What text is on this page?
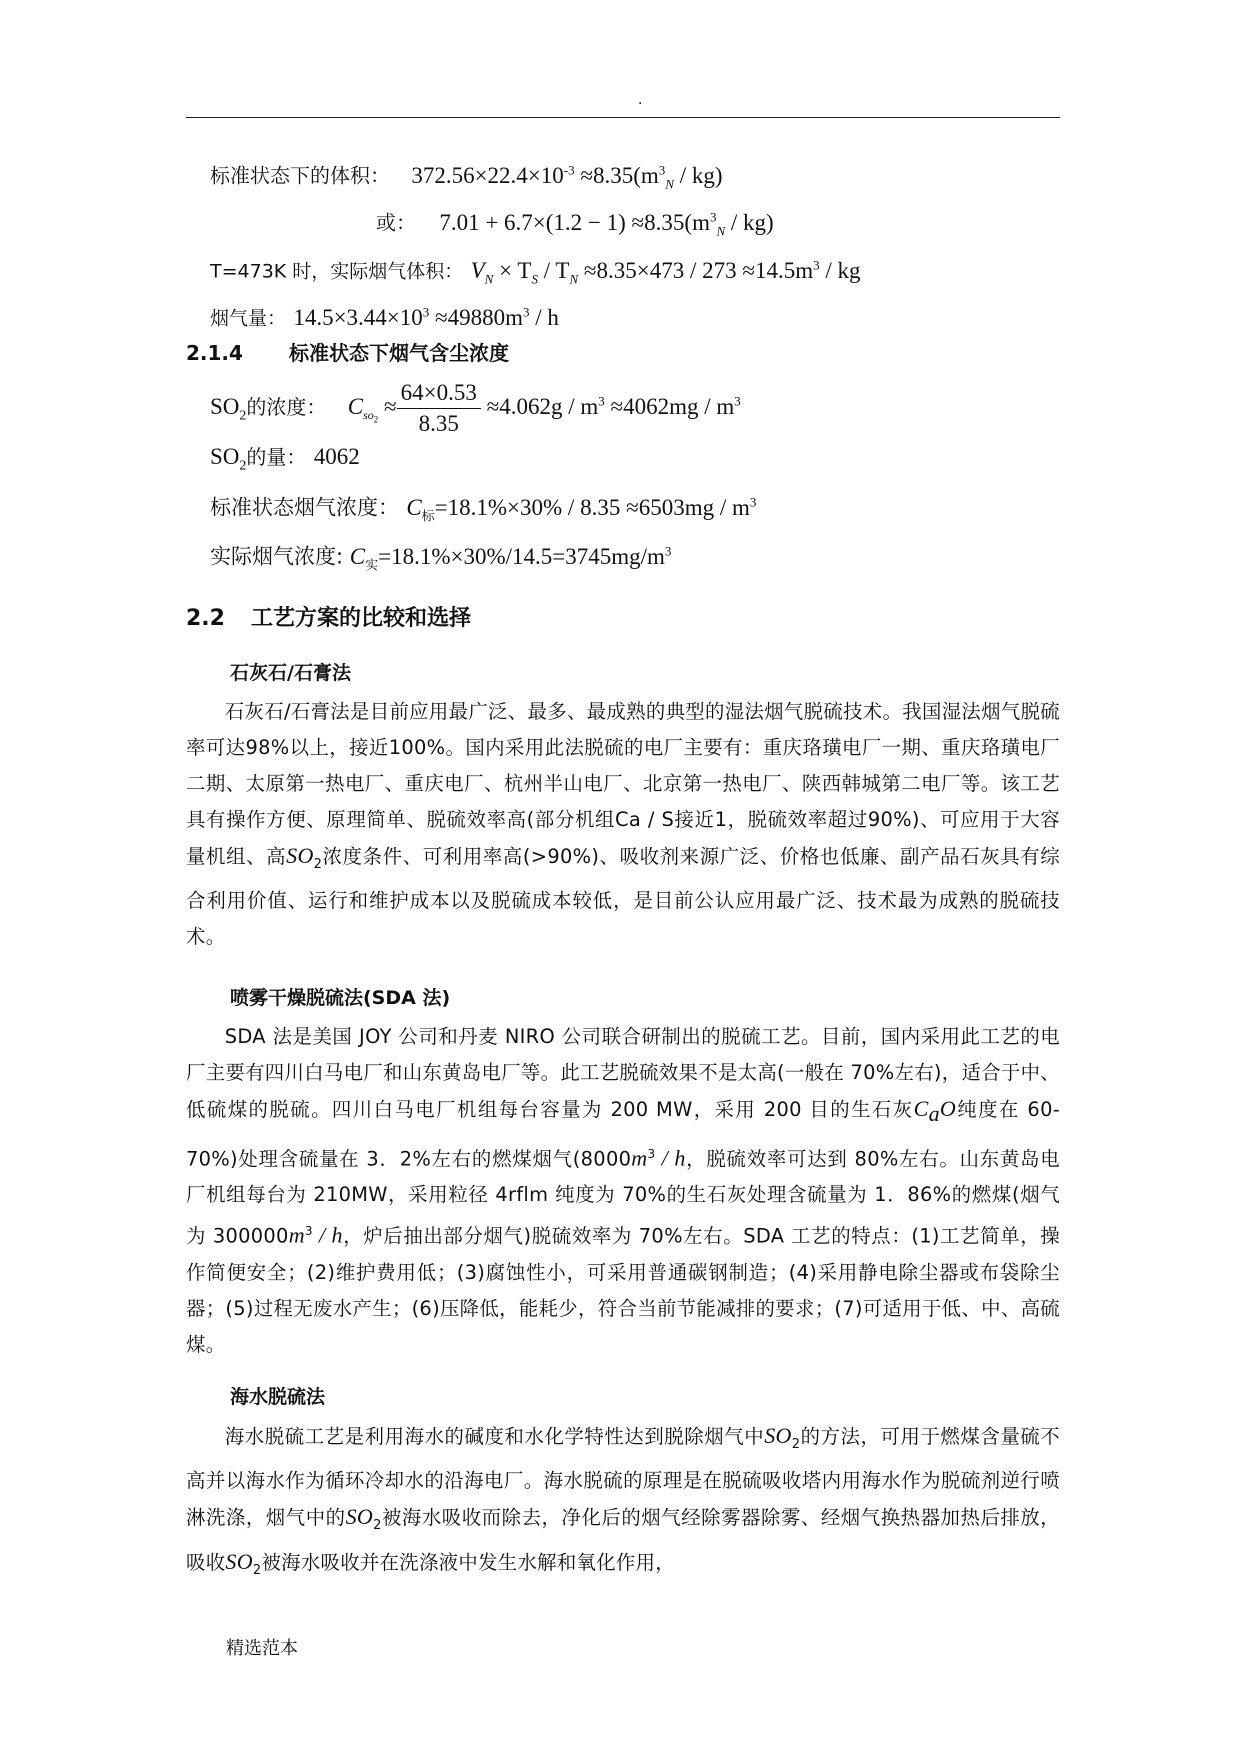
.
标准状态下的体积： $372.56\times 22.4\times 10^{-3} \approx 8.35(m^3_N / kg)$
或： $7.01 + 6.7\times(1.2 - 1) \approx 8.35(m^3_N / kg)$
T=473K 时，实际烟气体积： $V_N \times T_S / T_N \approx 8.35\times 473 / 273 \approx 14.5m^3$ / kg
烟气量： $14.5\times 3.44\times 10^3 \approx 49880m^3 / h$
2.1.4 标准状态下烟气含尘浓度
$SO_2$的浓度： $C_{so_2} \approx \frac{64\times 0.53}{8.35} \approx 4.062g / m^3 \approx 4062mg / m^3$
$SO_2$的量： 4062
标准状态烟气浓度： $C_标=18.1\%\times 30\% / 8.35 \approx 6503mg / m^3$
实际烟气浓度: $C_实=18.1\%\times 30\%/14.5=3745mg/m^3$
2.2 工艺方案的比较和选择
石灰石/石膏法
石灰石/石膏法是目前应用最广泛、最多、最成熟的典型的湿法烟气脱硫技术。我国湿法烟气脱硫率可达98%以上，接近100%。国内采用此法脱硫的电厂主要有：重庆珞璜电厂一期、重庆珞璜电厂二期、太原第一热电厂、重庆电厂、杭州半山电厂、北京第一热电厂、陕西韩城第二电厂等。该工艺具有操作方便、原理简单、脱硫效率高(部分机组Ca / S接近1，脱硫效率超过90%)、可应用于大容量机组、高$SO_2$浓度条件、可利用率高(>90%)、吸收剂来源广泛、价格也低廉、副产品石灰具有综合利用价值、运行和维护成本以及脱硫成本较低，是目前公认应用最广泛、技术最为成熟的脱硫技术。
喷雾干燥脱硫法(SDA 法)
SDA 法是美国 JOY 公司和丹麦 NIRO 公司联合研制出的脱硫工艺。目前，国内采用此工艺的电厂主要有四川白马电厂和山东黄岛电厂等。此工艺脱硫效果不是太高(一般在 70%左右)，适合于中、低硫煤的脱硫。四川白马电厂机组每台容量为 200 MW，采用 200 目的生石灰$C_aO$纯度在 60-70%)处理含硫量在 3．2%左右的燃煤烟气($8000m^3$ / h，脱硫效率可达到 80%左右。山东黄岛电厂机组每台为 210MW，采用粒径 4rflm 纯度为 70%的生石灰处理含硫量为 1．86%的燃煤(烟气为 $300000m^3$ / h，炉后抽出部分烟气)脱硫效率为 70%左右。SDA 工艺的特点：(1)工艺简单，操作简便安全；(2)维护费用低；(3)腐蚀性小，可采用普通碳钢制造；(4)采用静电除尘器或布袋除尘器；(5)过程无废水产生；(6)压降低，能耗少，符合当前节能减排的要求；(7)可适用于低、中、高硫煤。
海水脱硫法
海水脱硫工艺是利用海水的碱度和水化学特性达到脱除烟气中$SO_2$的方法，可用于燃煤含量硫不高并以海水作为循环冷却水的沿海电厂。海水脱硫的原理是在脱硫吸收塔内用海水作为脱硫剂逆行喷淋洗涤，烟气中的$SO_2$被海水吸收而除去，净化后的烟气经除雾器除雾、经烟气换热器加热后排放，吸收$SO_2$被海水吸收并在洗涤液中发生水解和氧化作用，
精选范本
